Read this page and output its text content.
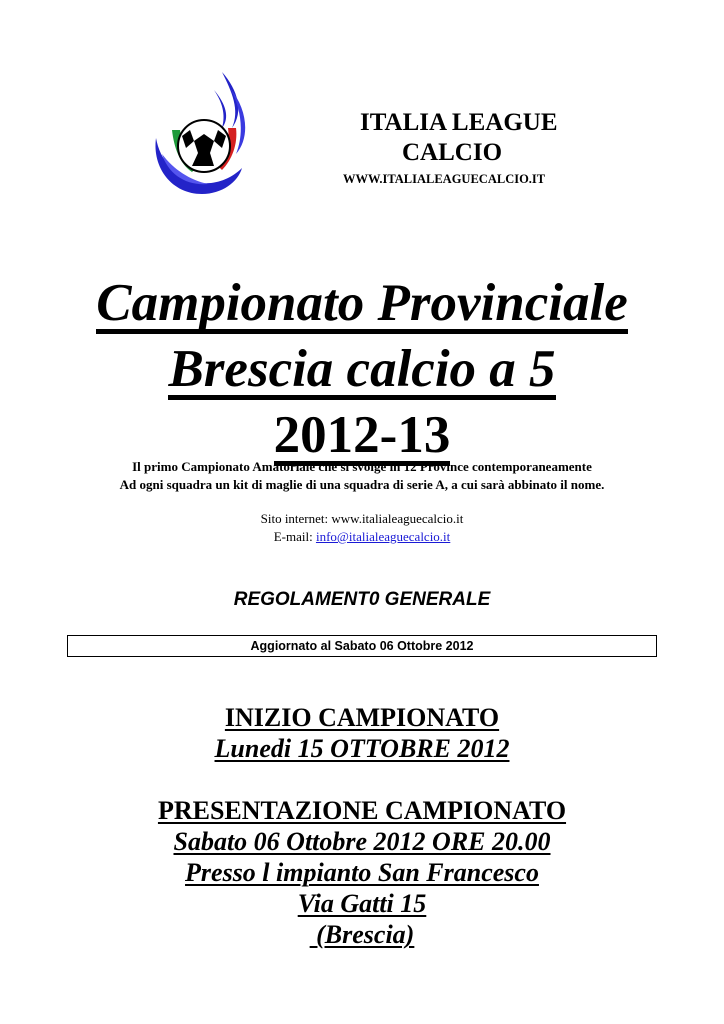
ITALIA LEAGUE
CALCIO
WWW.ITALIALEAGUECALCIO.IT
Campionato Provinciale
Brescia calcio a 5
2012-13
Il primo Campionato Amatoriale che si svolge in 12 Province contemporaneamente
Ad ogni squadra un kit di maglie di una squadra di serie A, a cui sarà abbinato il nome.
Sito internet: www.italialeaguecalcio.it
E-mail: info@italialeaguecalcio.it
REGOLAMENT0 GENERALE
Aggiornato al Sabato 06 Ottobre 2012
INIZIO CAMPIONATO
Lunedi 15 OTTOBRE 2012
PRESENTAZIONE CAMPIONATO
Sabato 06 Ottobre 2012 ORE 20.00
Presso l impianto San Francesco
Via Gatti 15
(Brescia)
